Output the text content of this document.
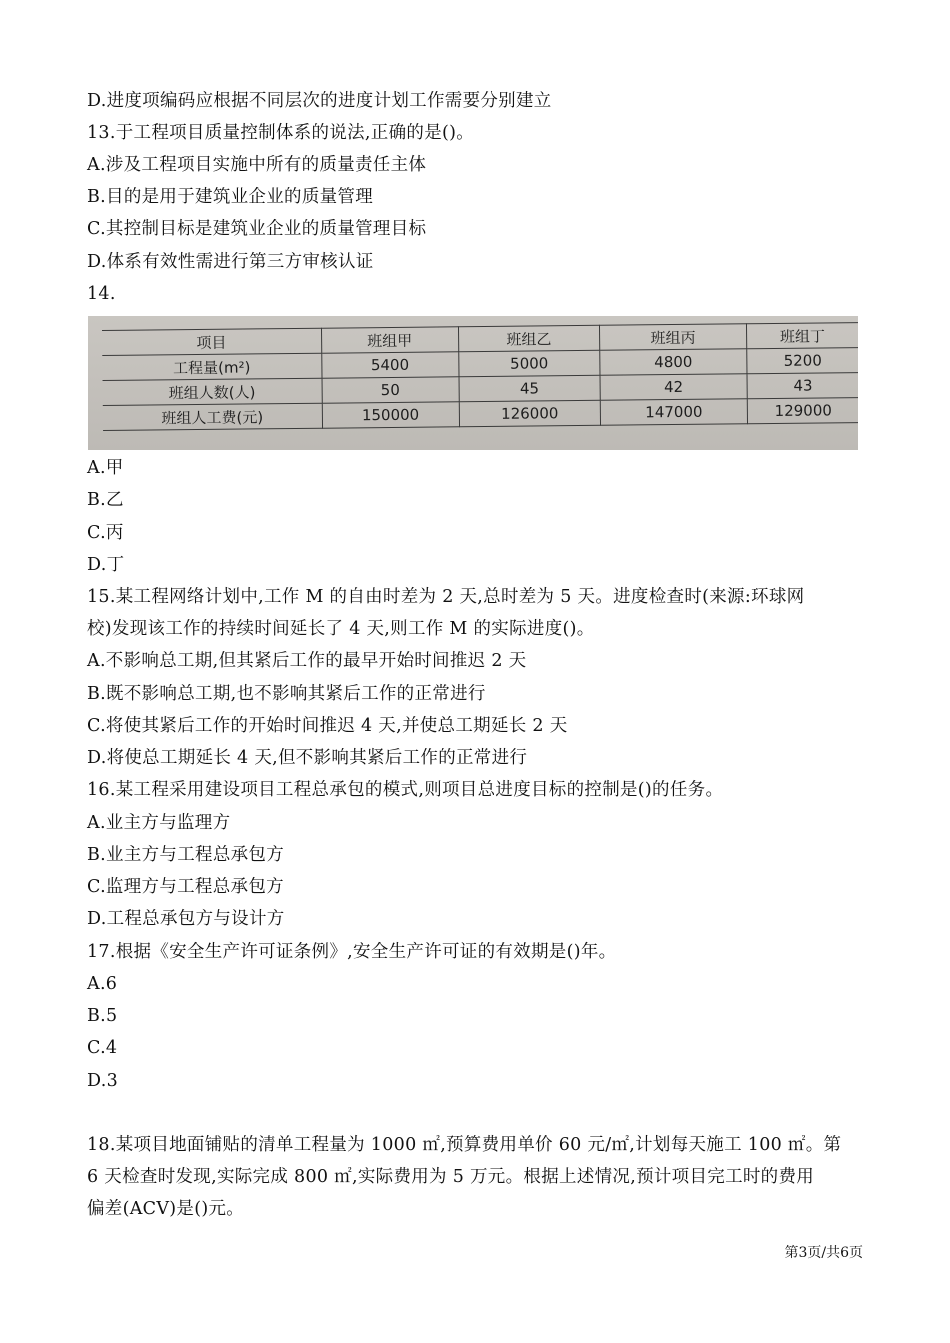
D.进度项编码应根据不同层次的进度计划工作需要分别建立
13.于工程项目质量控制体系的说法,正确的是()。
A.涉及工程项目实施中所有的质量责任主体
B.目的是用于建筑业企业的质量管理
C.其控制目标是建筑业企业的质量管理目标
D.体系有效性需进行第三方审核认证
14.
项目	班组甲	班组乙	班组丙	班组丁
工程量(m²)	5400	5000	4800	5200
班组人数(人)	50	45	42	43
班组人工费(元)	150000	126000	147000	129000
A.甲
B.乙
C.丙
D.丁
15.某工程网络计划中,工作 M 的自由时差为 2 天,总时差为 5 天。进度检查时(来源:环球网
校)发现该工作的持续时间延长了 4 天,则工作 M 的实际进度()。
A.不影响总工期,但其紧后工作的最早开始时间推迟 2 天
B.既不影响总工期,也不影响其紧后工作的正常进行
C.将使其紧后工作的开始时间推迟 4 天,并使总工期延长 2 天
D.将使总工期延长 4 天,但不影响其紧后工作的正常进行
16.某工程采用建设项目工程总承包的模式,则项目总进度目标的控制是()的任务。
A.业主方与监理方
B.业主方与工程总承包方
C.监理方与工程总承包方
D.工程总承包方与设计方
17.根据《安全生产许可证条例》,安全生产许可证的有效期是()年。
A.6
B.5
C.4
D.3
18.某项目地面铺贴的清单工程量为 1000 ㎡,预算费用单价 60 元/㎡,计划每天施工 100 ㎡。第
6 天检查时发现,实际完成 800 ㎡,实际费用为 5 万元。根据上述情况,预计项目完工时的费用
偏差(ACV)是()元。
第3页/共6页
